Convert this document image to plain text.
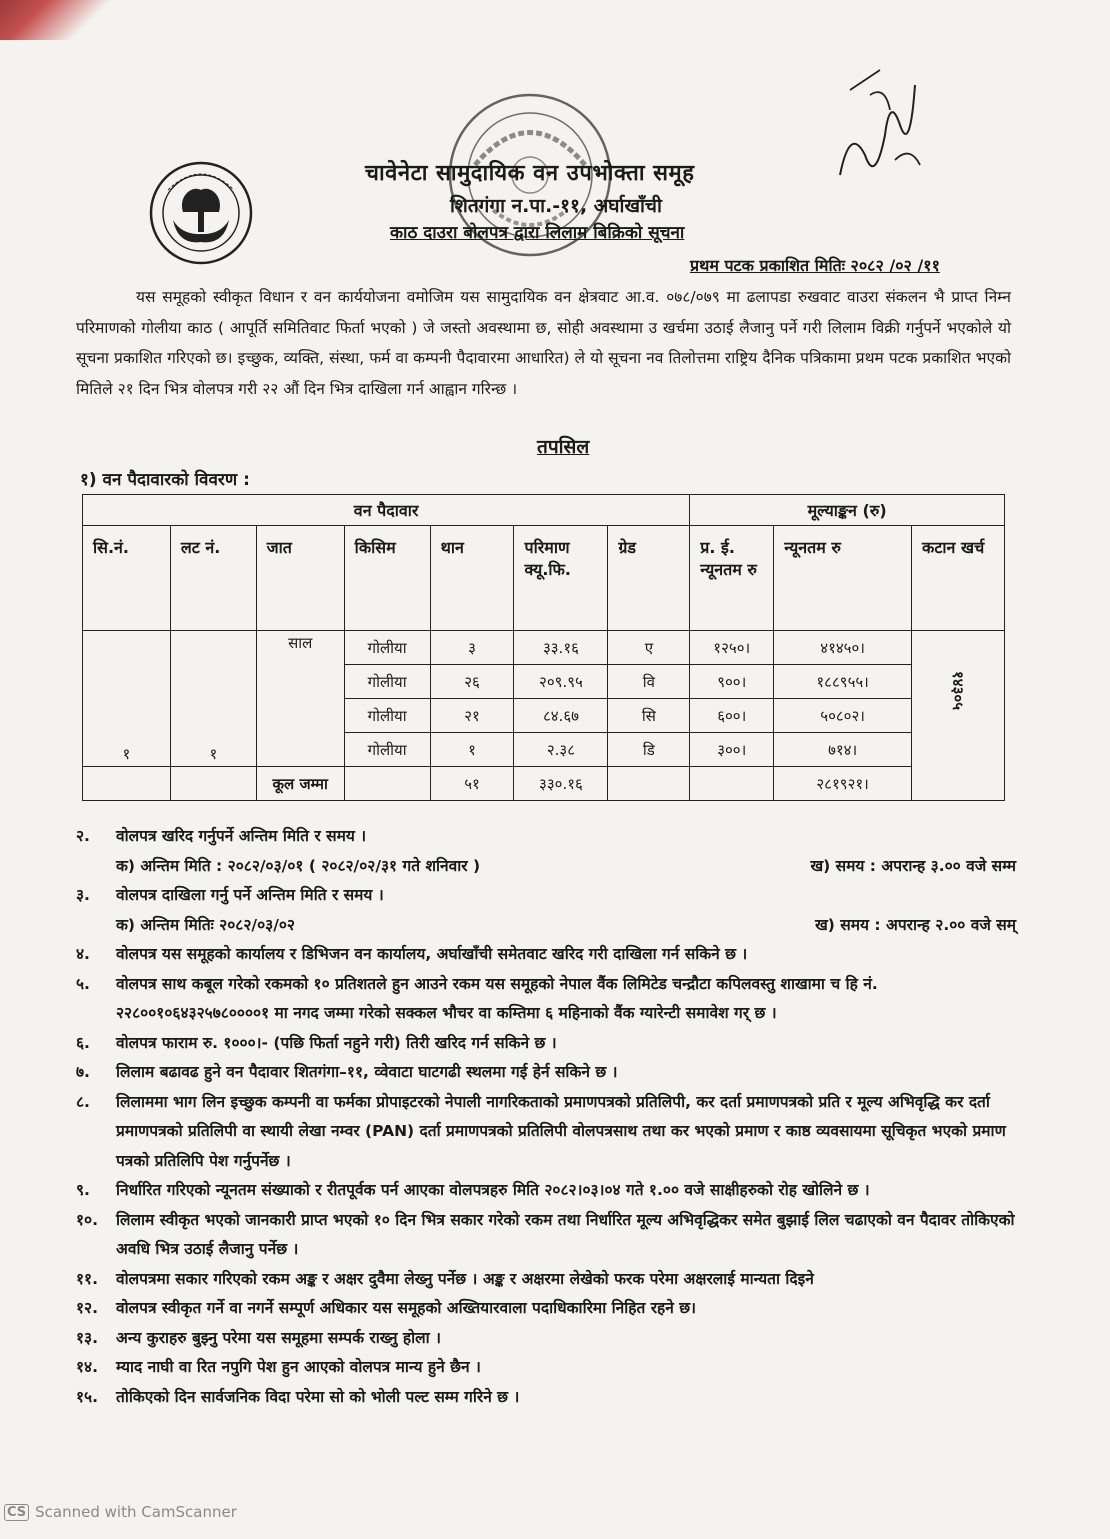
चावेनेटा सामुदायिक वन उपभोक्ता समूह
शितगंगा न.पा.-११, अर्घाखाँची
काठ दाउरा बोलपत्र द्वारा लिलाम बिक्रिको सूचना
प्रथम पटक प्रकाशित मितिः २०८२ /०२ /११
यस समूहको स्वीकृत विधान र वन कार्ययोजना वमोजिम यस सामुदायिक वन क्षेत्रवाट आ.व. ०७८/०७९ मा ढलापडा रुखवाट वाउरा संकलन भै प्राप्त निम्न परिमाणको गोलीया काठ ( आपूर्ति समितिवाट फिर्ता भएको ) जे जस्तो अवस्थामा छ, सोही अवस्थामा उ खर्चमा उठाई लैजानु पर्ने गरी लिलाम विक्री गर्नुपर्ने भएकोले यो सूचना प्रकाशित गरिएको छ। इच्छुक, व्यक्ति, संस्था, फर्म वा कम्पनी पैदावारमा आधारित) ले यो सूचना नव तिलोत्तमा राष्ट्रिय दैनिक पत्रिकामा प्रथम पटक प्रकाशित भएको मितिले २१ दिन भित्र वोलपत्र गरी २२ औं दिन भित्र दाखिला गर्न आह्वान गरिन्छ ।
तपसिल
१) वन पैदावारको विवरण :
वन पैदावार							मूल्याङ्कन (रु)		
सि.नं.	लट नं.	जात	किसिम	थान	परिमाण क्यू.फि.	ग्रेड	प्र. ई. न्यूनतम रु	न्यूनतम रु	कटान खर्च
१	१	साल	गोलीया	३	३३.१६	ए	१२५०।	४१४५०।	१४३०५
			गोलीया	२६	२०९.९५	वि	९००।	१८८९५५।	
			गोलीया	२१	८४.६७	सि	६००।	५०८०२।	
			गोलीया	१	२.३८	डि	३००।	७१४।	
		कूल जम्मा		५१	३३०.१६			२८१९२१।	
२.	वोलपत्र खरिद गर्नुपर्ने अन्तिम मिति र समय ।
क) अन्तिम मिति : २०८२/०३/०१ ( २०८२/०२/३१ गते शनिवार )	ख) समय : अपरान्ह ३.०० वजे सम्म
३.	वोलपत्र दाखिला गर्नु पर्ने अन्तिम मिति र समय ।
क) अन्तिम मितिः २०८२/०३/०२	ख) समय : अपरान्ह २.०० वजे सम्
४.	वोलपत्र यस समूहको कार्यालय र डिभिजन वन कार्यालय, अर्घाखाँची समेतवाट खरिद गरी दाखिला गर्न सकिने छ ।
५.	वोलपत्र साथ कबूल गरेको रकमको १० प्रतिशतले हुन आउने रकम यस समूहको नेपाल वैंक लिमिटेड चन्द्रौटा कपिलवस्तु शाखामा च हि नं. २२८००१०६४३२५७८००००१ मा नगद जम्मा गरेको सक्कल भौचर वा कम्तिमा ६ महिनाको वैंक ग्यारेन्टी समावेश गर् छ ।
६.	वोलपत्र फाराम रु. १०००।- (पछि फिर्ता नहुने गरी) तिरी खरिद गर्न सकिने छ ।
७.	लिलाम बढावढ हुने वन पैदावार शितगंगा–११, व्वेवाटा घाटगढी स्थलमा गई हेर्न सकिने छ ।
८.	लिलाममा भाग लिन इच्छुक कम्पनी वा फर्मका प्रोपाइटरको नेपाली नागरिकताको प्रमाणपत्रको प्रतिलिपी, कर दर्ता प्रमाणपत्रको प्रति र मूल्य अभिवृद्धि कर दर्ता प्रमाणपत्रको प्रतिलिपी वा स्थायी लेखा नम्वर (PAN) दर्ता प्रमाणपत्रको प्रतिलिपी वोलपत्रसाथ तथा कर भएको प्रमाण र काष्ठ व्यवसायमा सूचिकृत भएको प्रमाण पत्रको प्रतिलिपि पेश गर्नुपर्नेछ ।
९.	निर्धारित गरिएको न्यूनतम संख्याको र रीतपूर्वक पर्न आएका वोलपत्रहरु मिति २०८२।०३।०४ गते १.०० वजे साक्षीहरुको रोह खोलिने छ ।
१०.	लिलाम स्वीकृत भएको जानकारी प्राप्त भएको १० दिन भित्र सकार गरेको रकम तथा निर्धारित मूल्य अभिवृद्धिकर समेत बुझाई लिल चढाएको वन पैदावर तोकिएको अवधि भित्र उठाई लैजानु पर्नेछ ।
११.	वोलपत्रमा सकार गरिएको रकम अङ्क र अक्षर दुवैमा लेख्नु पर्नेछ । अङ्क र अक्षरमा लेखेको फरक परेमा अक्षरलाई मान्यता दिइने
१२.	वोलपत्र स्वीकृत गर्ने वा नगर्ने सम्पूर्ण अधिकार यस समूहको अख्तियारवाला पदाधिकारिमा निहित रहने छ।
१३.	अन्य कुराहरु बुझ्नु परेमा यस समूहमा सम्पर्क राख्नु होला ।
१४.	म्याद नाघी वा रित नपुगि पेश हुन आएको वोलपत्र मान्य हुने छैन ।
१५.	तोकिएको दिन सार्वजनिक विदा परेमा सो को भोली पल्ट सम्म गरिने छ ।
CS Scanned with CamScanner
